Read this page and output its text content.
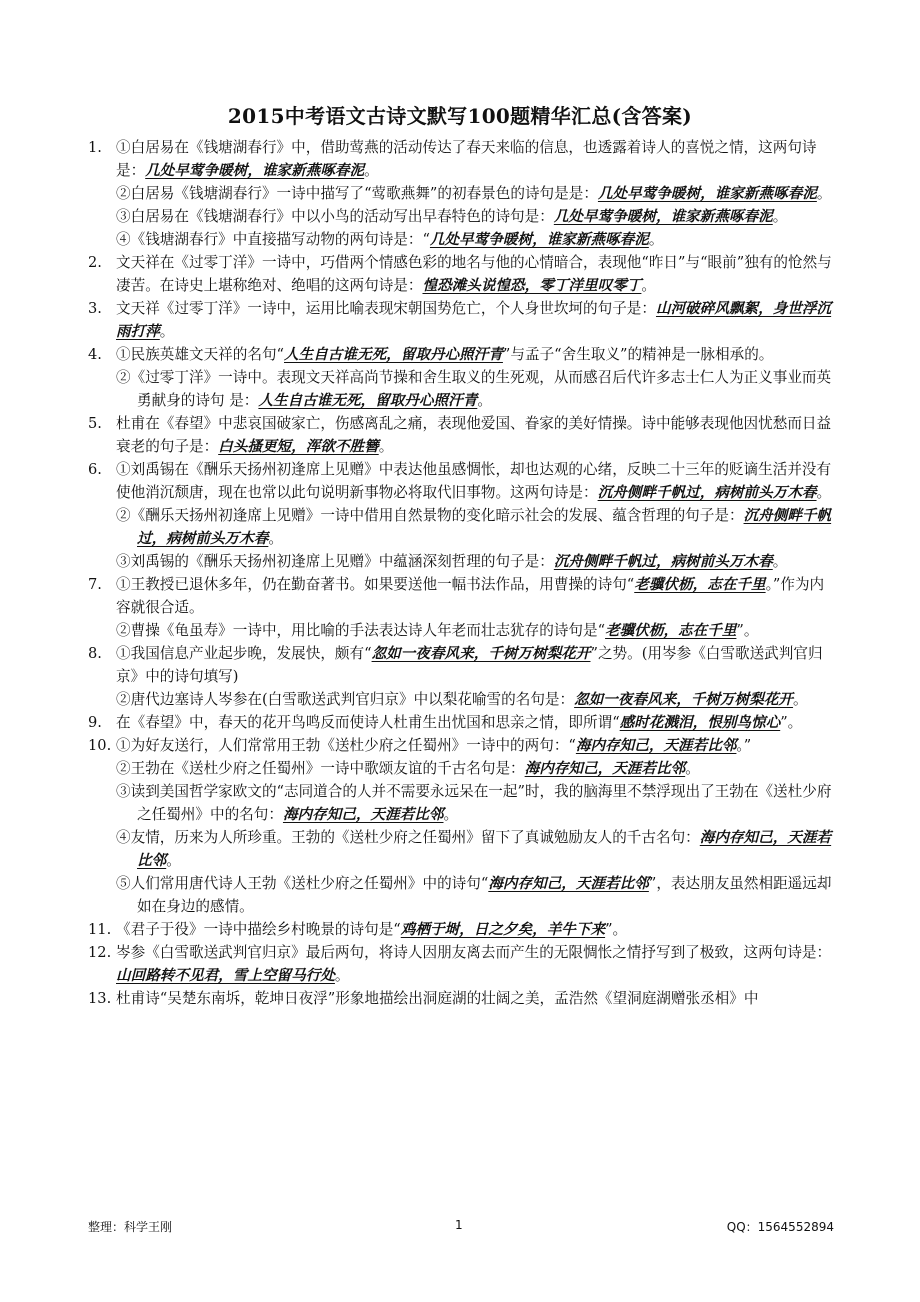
2015中考语文古诗文默写100题精华汇总(含答案)
1. ①白居易在《钱塘湖春行》中，借助莺燕的活动传达了春天来临的信息，也透露着诗人的喜悦之情，这两句诗是：几处早莺争暖树，谁家新燕啄春泥。
②白居易《钱塘湖春行》一诗中描写了“莺歌燕舞”的初春景色的诗句是是：几处早莺争暖树，谁家新燕啄春泥。
③白居易在《钱塘湖春行》中以小鸟的活动写出早春特色的诗句是：几处早莺争暖树，谁家新燕啄春泥。
④《钱塘湖春行》中直接描写动物的两句诗是：“几处早莺争暖树，谁家新燕啄春泥。
2. 文天祥在《过零丁洋》一诗中，巧借两个情感色彩的地名与他的心情暗合，表现他“昨日”与“眼前”独有的怆然与凄苦。在诗史上堪称绝对、绝唱的这两句诗是：惶恐滩头说惶恐，零丁洋里叹零丁。
3. 文天祥《过零丁洋》一诗中，运用比喻表现宋朝国势危亡，个人身世坎坷的句子是：山河破碎风飘絮，身世浮沉雨打萍。
4. ①民族英雄文天祥的名句“人生自古谁无死，留取丹心照汗青”与孟子“舍生取义”的精神是一脉相承的。
②《过零丁洋》一诗中。表现文天祥高尚节操和舍生取义的生死观，从而感召后代许多志士仁人为正义事业而英勇献身的诗句 是：人生自古谁无死，留取丹心照汗青。
5. 杜甫在《春望》中悲哀国破家亡，伤感离乱之痛，表现他爱国、眷家的美好情操。诗中能够表现他因忧愁而日益衰老的句子是：白头搔更短，浑欲不胜簪。
6. ①刘禹锡在《酬乐天扬州初逢席上见赠》中表达他虽感惆怅，却也达观的心绪，反映二十三年的贬谪生活并没有使他消沉颓唐，现在也常以此句说明新事物必将取代旧事物。这两句诗是：沉舟侧畔千帆过，病树前头万木春。
②《酬乐天扬州初逢席上见赠》一诗中借用自然景物的变化暗示社会的发展、蕴含哲理的句子是：沉舟侧畔千帆过，病树前头万木春。
③刘禹锡的《酬乐天扬州初逢席上见赠》中蕴涵深刻哲理的句子是：沉舟侧畔千帆过，病树前头万木春。
7. ①王教授已退休多年，仍在勤奋著书。如果要送他一幅书法作品，用曹操的诗句“老骥伏枥，志在千里。”作为内容就很合适。
②曹操《龟虽寿》一诗中，用比喻的手法表达诗人年老而壮志犹存的诗句是“老骥伏枥，志在千里”。
8. ①我国信息产业起步晚，发展快，颇有“忽如一夜春风来，千树万树梨花开”之势。(用岑参《白雪歌送武判官归京》中的诗句填写)
②唐代边塞诗人岑参在(白雪歌送武判官归京》中以梨花喻雪的名句是：忽如一夜春风来，千树万树梨花开。
9. 在《春望》中，春天的花开鸟鸣反而使诗人杜甫生出忧国和思亲之情，即所谓“感时花溅泪，恨别鸟惊心”。
10. ①为好友送行，人们常常用王勃《送杜少府之任蜀州》一诗中的两句：“海内存知己，天涯若比邻。”
②王勃在《送杜少府之任蜀州》一诗中歌颂友谊的千古名句是：海内存知己，天涯若比邻。
③读到美国哲学家欧文的“志同道合的人并不需要永远呆在一起”时，我的脑海里不禁浮现出了王勃在《送杜少府之任蜀州》中的名句：海内存知己，天涯若比邻。
④友情，历来为人所珍重。王勃的《送杜少府之任蜀州》留下了真诚勉励友人的千古名句：海内存知己，天涯若比邻。
⑤人们常用唐代诗人王勃《送杜少府之任蜀州》中的诗句“海内存知己，天涯若比邻”，表达朋友虽然相距遥远却如在身边的感情。
11. 《君子于役》一诗中描绘乡村晚景的诗句是“鸡栖于埘，日之夕矣，羊牛下来”。
12. 岑参《白雪歌送武判官归京》最后两句，将诗人因朋友离去而产生的无限惆怅之情抒写到了极致，这两句诗是：山回路转不见君，雪上空留马行处。
13. 杜甫诗“吴楚东南坼，乾坤日夜浮”形象地描绘出洞庭湖的壮阔之美，孟浩然《望洞庭湖赠张丞相》中
整理：科学王刚	1	QQ：1564552894
